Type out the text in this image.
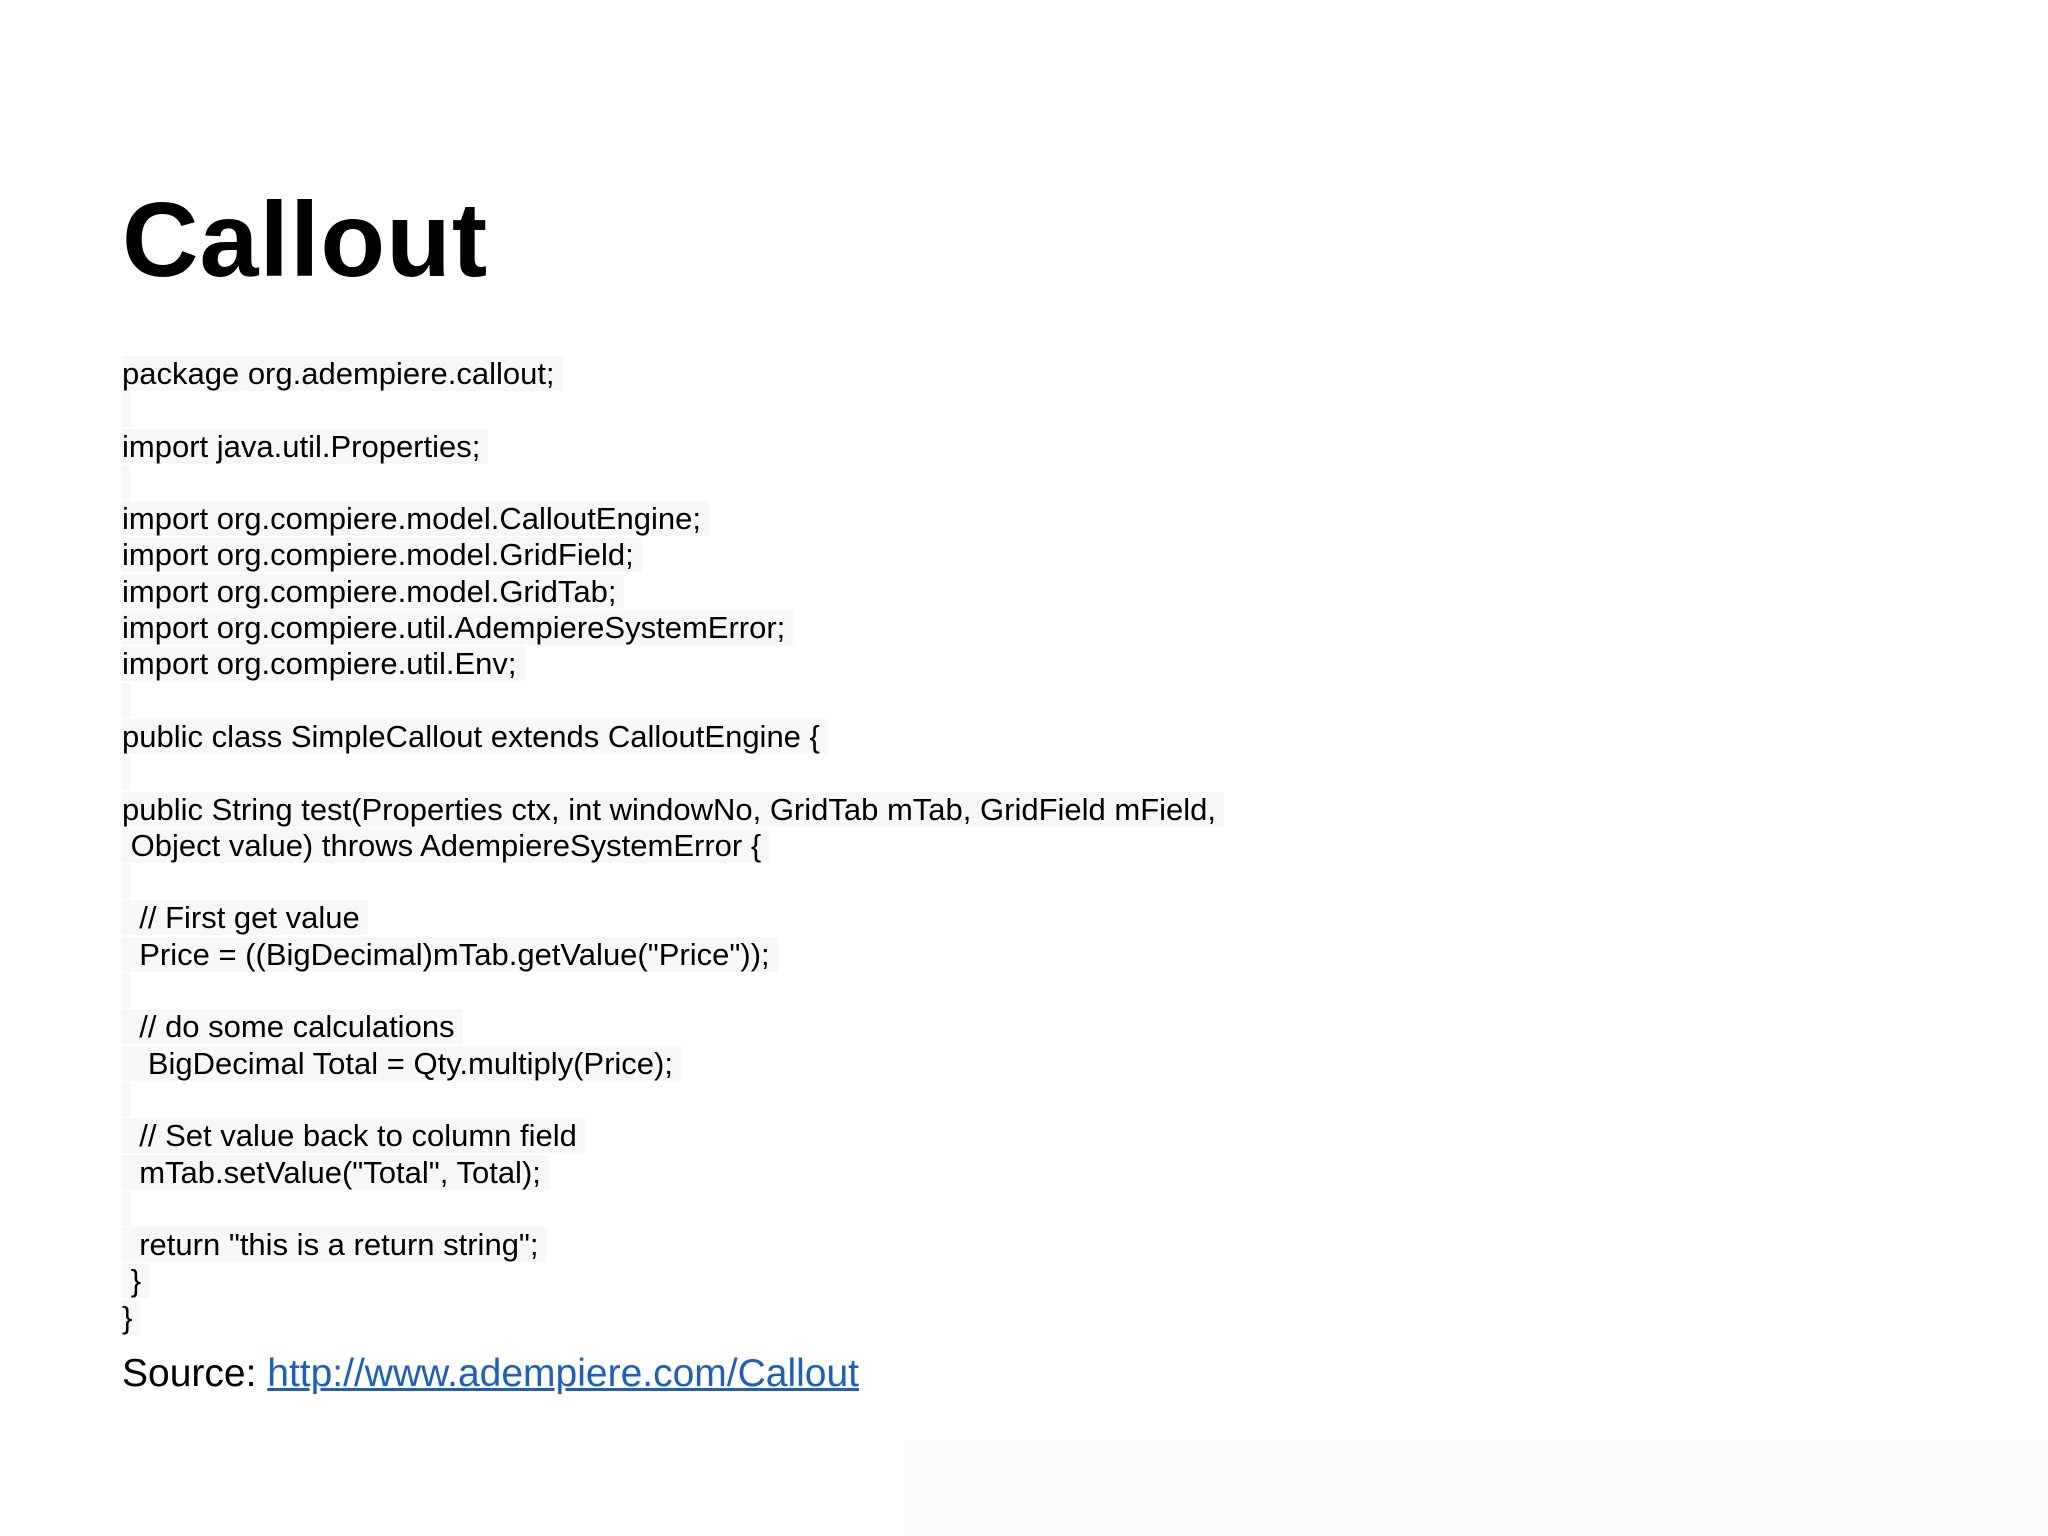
Callout
package org.adempiere.callout;
import java.util.Properties;
import org.compiere.model.CalloutEngine;
import org.compiere.model.GridField;
import org.compiere.model.GridTab;
import org.compiere.util.AdempiereSystemError;
import org.compiere.util.Env;
public class SimpleCallout extends CalloutEngine {
public String test(Properties ctx, int windowNo, GridTab mTab, GridField mField,
Object value) throws AdempiereSystemError {
// First get value
Price = ((BigDecimal)mTab.getValue("Price"));
// do some calculations
BigDecimal Total = Qty.multiply(Price);
// Set value back to column field
mTab.setValue("Total", Total);
return "this is a return string";
}
}
Source: http://www.adempiere.com/Callout
